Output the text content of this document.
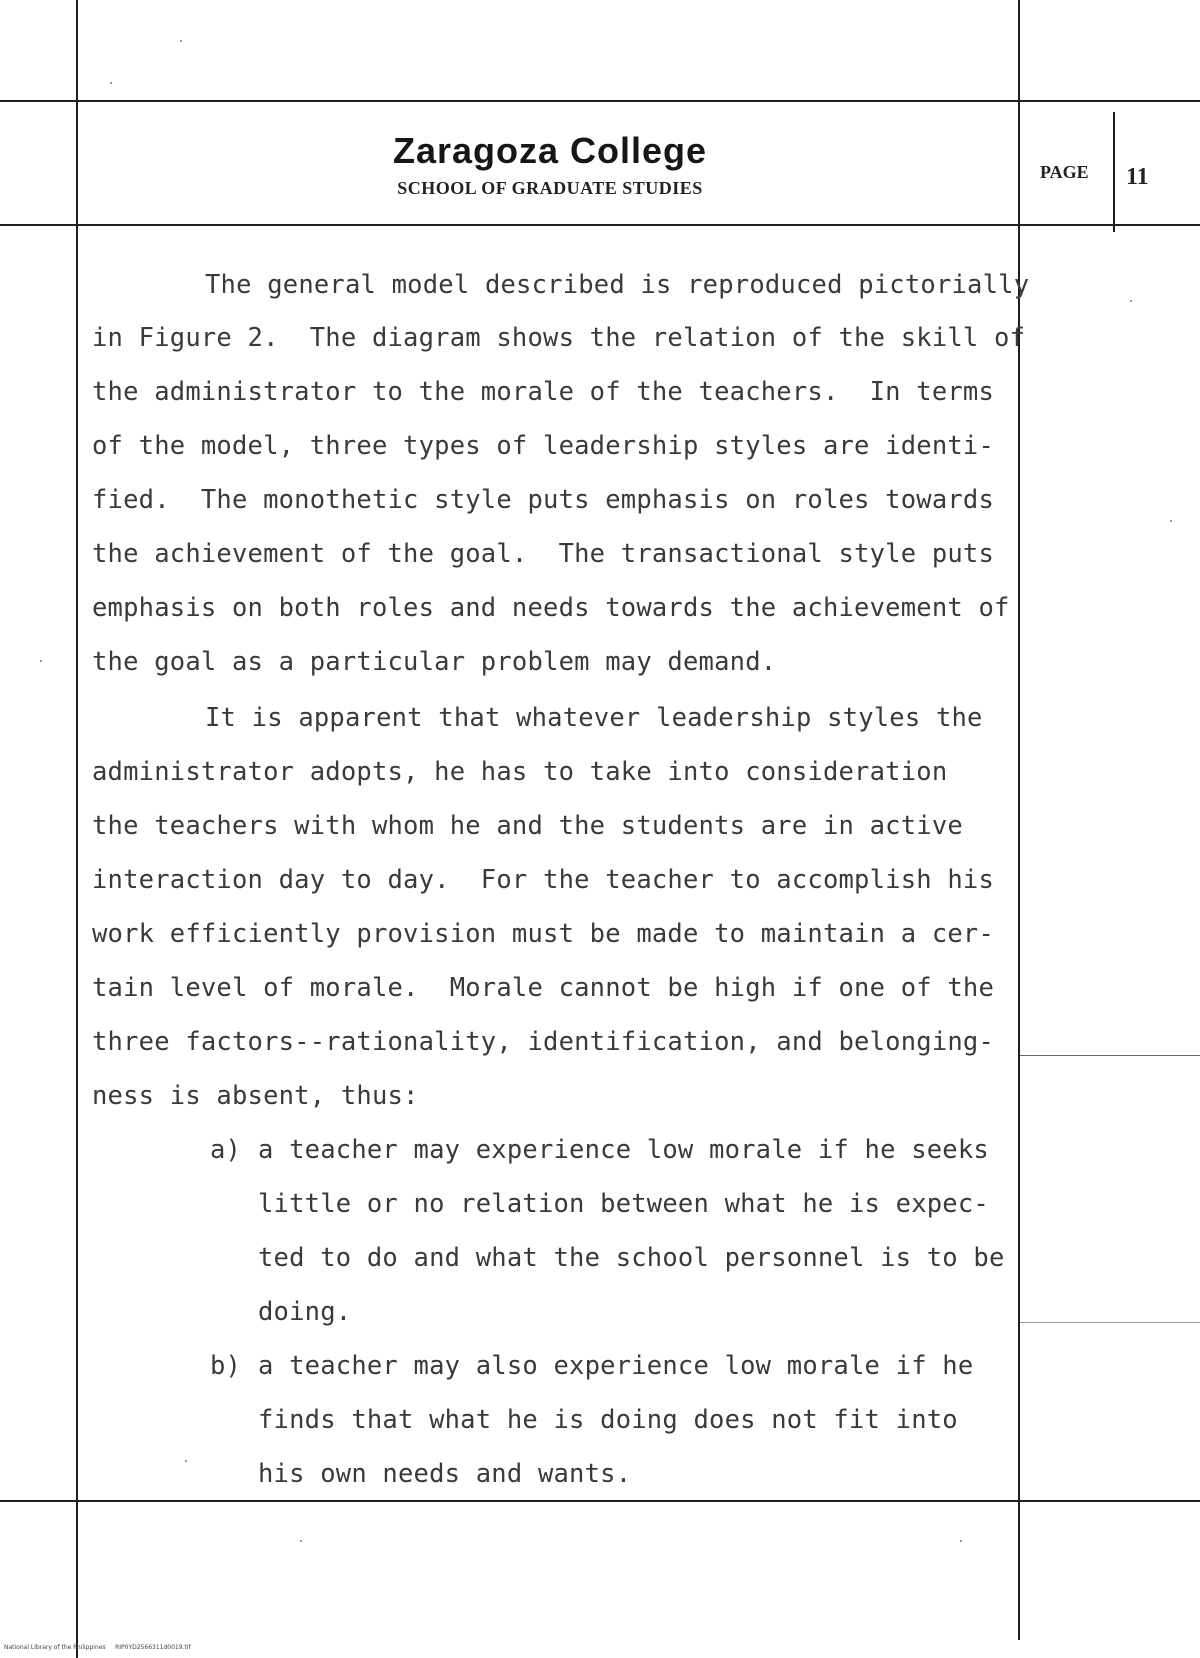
Zaragoza College
SCHOOL OF GRADUATE STUDIES
PAGE 11
The general model described is reproduced pictorially
in Figure 2.  The diagram shows the relation of the skill of
the administrator to the morale of the teachers.  In terms
of the model, three types of leadership styles are identi-
fied.  The monothetic style puts emphasis on roles towards
the achievement of the goal.  The transactional style puts
emphasis on both roles and needs towards the achievement of
the goal as a particular problem may demand.
It is apparent that whatever leadership styles the
administrator adopts, he has to take into consideration
the teachers with whom he and the students are in active
interaction day to day.  For the teacher to accomplish his
work efficiently provision must be made to maintain a cer-
tain level of morale.  Morale cannot be high if one of the
three factors--rationality, identification, and belonging-
ness is absent, thus:
a) a teacher may experience low morale if he seeks
little or no relation between what he is expec-
ted to do and what the school personnel is to be
doing.
b) a teacher may also experience low morale if he
finds that what he is doing does not fit into
his own needs and wants.
National Library of the Philippines     RIP0YD2566311d0019.tif
